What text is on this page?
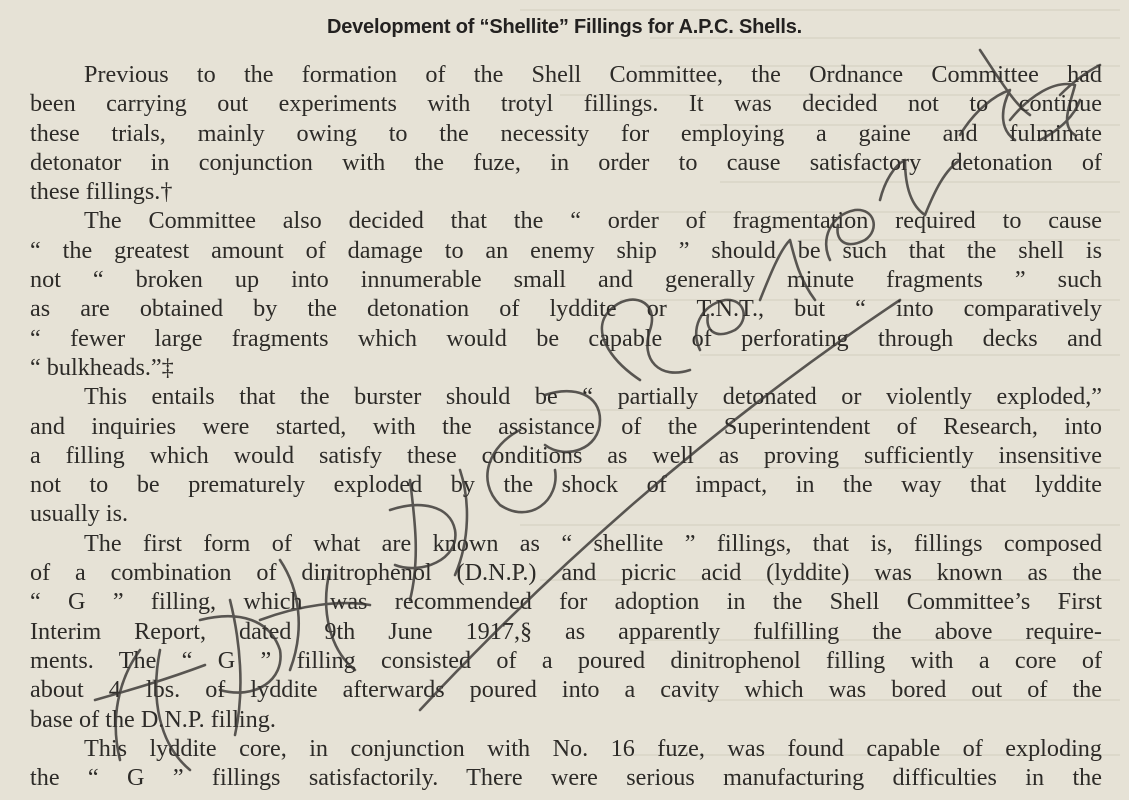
Development of “Shellite” Fillings for A.P.C. Shells.
Previous to the formation of the Shell Committee, the Ordnance Committee had
been carrying out experiments with trotyl fillings. It was decided not to continue
these trials, mainly owing to the necessity for employing a gaine and fulminate
detonator in conjunction with the fuze, in order to cause satisfactory detonation of
these fillings.†
The Committee also decided that the “ order of fragmentation required to cause
“ the greatest amount of damage to an enemy ship ” should be such that the shell is
not “ broken up into innumerable small and generally minute fragments ” such
as are obtained by the detonation of lyddite or T.N.T., but “ into comparatively
“ fewer large fragments which would be capable of perforating through decks and
“ bulkheads.”‡
This entails that the burster should be “ partially detonated or violently exploded,”
and inquiries were started, with the assistance of the Superintendent of Research, into
a filling which would satisfy these conditions as well as proving sufficiently insensitive
not to be prematurely exploded by the shock of impact, in the way that lyddite
usually is.
The first form of what are known as “ shellite ” fillings, that is, fillings composed
of a combination of dinitrophenol (D.N.P.) and picric acid (lyddite) was known as the
“ G ” filling, which was recommended for adoption in the Shell Committee’s First
Interim Report, dated 9th June 1917,§ as apparently fulfilling the above require-
ments. The “ G ” filling consisted of a poured dinitrophenol filling with a core of
about 4 lbs. of lyddite afterwards poured into a cavity which was bored out of the
base of the D.N.P. filling.
This lyddite core, in conjunction with No. 16 fuze, was found capable of exploding
the “ G ” fillings satisfactorily. There were serious manufacturing difficulties in the
